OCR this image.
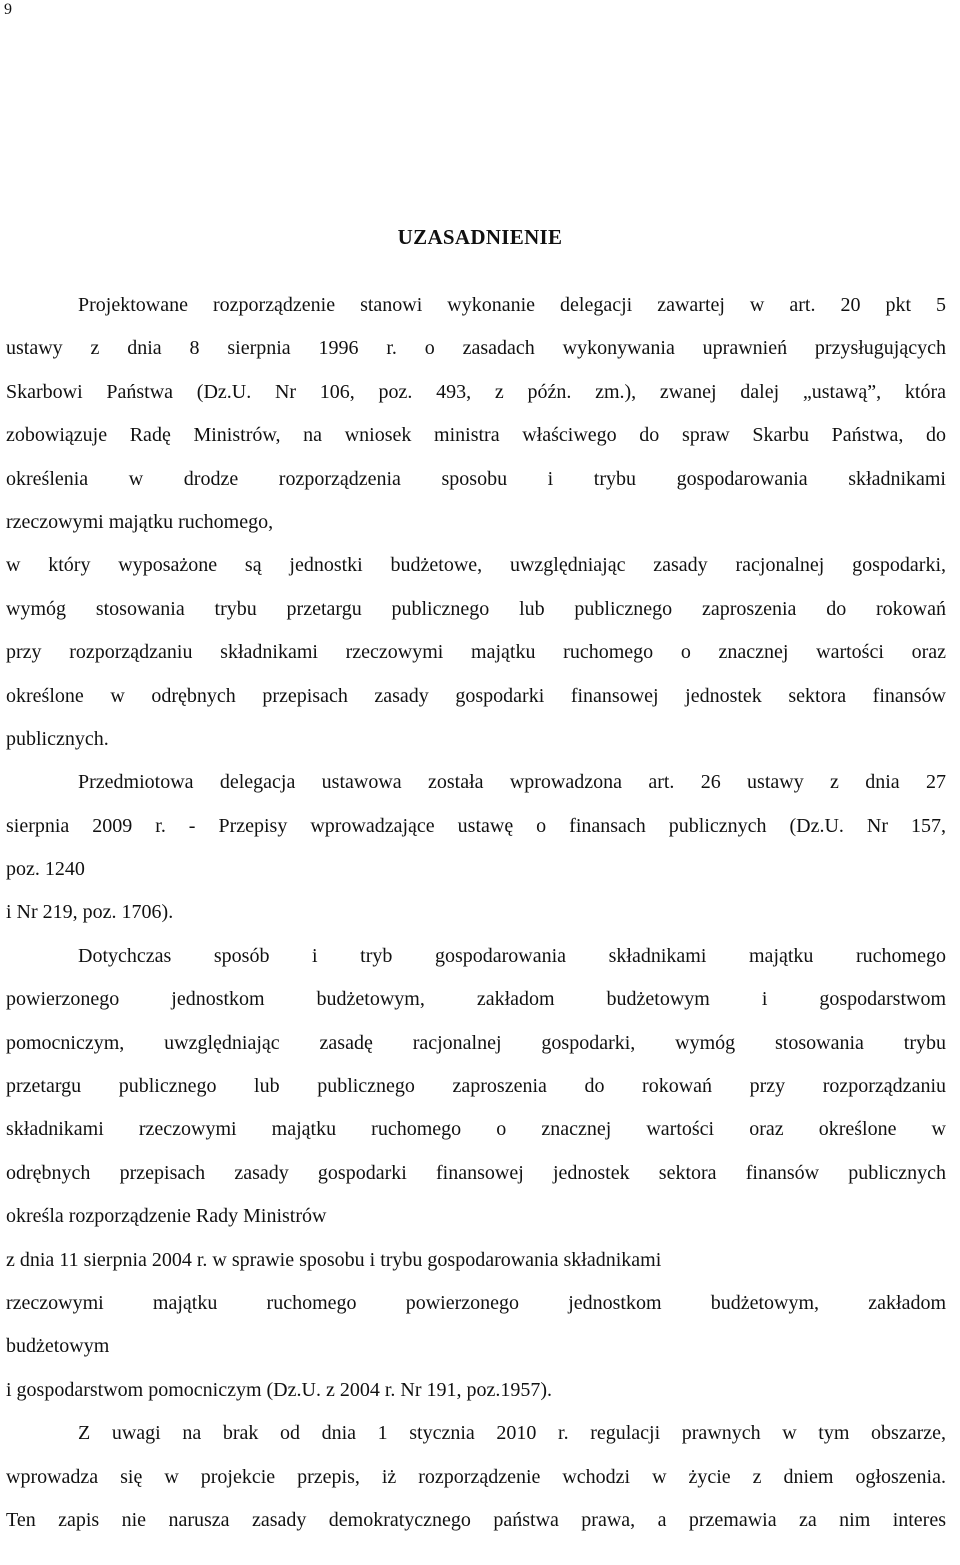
9
UZASADNIENIE
Projektowane rozporządzenie stanowi wykonanie delegacji zawartej w art. 20 pkt 5
ustawy z dnia 8 sierpnia 1996 r. o zasadach wykonywania uprawnień przysługujących
Skarbowi Państwa (Dz.U. Nr 106, poz. 493, z późn. zm.), zwanej dalej „ustawą”, która
zobowiązuje Radę Ministrów, na wniosek ministra właściwego do spraw Skarbu Państwa, do
określenia w drodze rozporządzenia sposobu i trybu gospodarowania składnikami
rzeczowymi majątku ruchomego,
w który wyposażone są jednostki budżetowe, uwzględniając zasady racjonalnej gospodarki,
wymóg stosowania trybu przetargu publicznego lub publicznego zaproszenia do rokowań
przy rozporządzaniu składnikami rzeczowymi majątku ruchomego o znacznej wartości oraz
określone w odrębnych przepisach zasady gospodarki finansowej jednostek sektora finansów
publicznych.
Przedmiotowa delegacja ustawowa została wprowadzona art. 26 ustawy z dnia 27
sierpnia 2009 r. - Przepisy wprowadzające ustawę o finansach publicznych (Dz.U. Nr 157,
poz. 1240
i Nr 219, poz. 1706).
Dotychczas sposób i tryb gospodarowania składnikami majątku ruchomego
powierzonego jednostkom budżetowym, zakładom budżetowym i gospodarstwom
pomocniczym, uwzględniając zasadę racjonalnej gospodarki, wymóg stosowania trybu
przetargu publicznego lub publicznego zaproszenia do rokowań przy rozporządzaniu
składnikami rzeczowymi majątku ruchomego o znacznej wartości oraz określone w
odrębnych przepisach zasady gospodarki finansowej jednostek sektora finansów publicznych
określa rozporządzenie Rady Ministrów
z dnia 11 sierpnia 2004 r. w sprawie sposobu i trybu gospodarowania składnikami
rzeczowymi majątku ruchomego powierzonego jednostkom budżetowym, zakładom
budżetowym
i gospodarstwom pomocniczym (Dz.U. z 2004 r. Nr 191, poz.1957).
Z uwagi na brak od dnia 1 stycznia 2010 r. regulacji prawnych w tym obszarze,
wprowadza się w projekcie przepis, iż rozporządzenie wchodzi w życie z dniem ogłoszenia.
Ten zapis nie narusza zasady demokratycznego państwa prawa, a przemawia za nim interes
